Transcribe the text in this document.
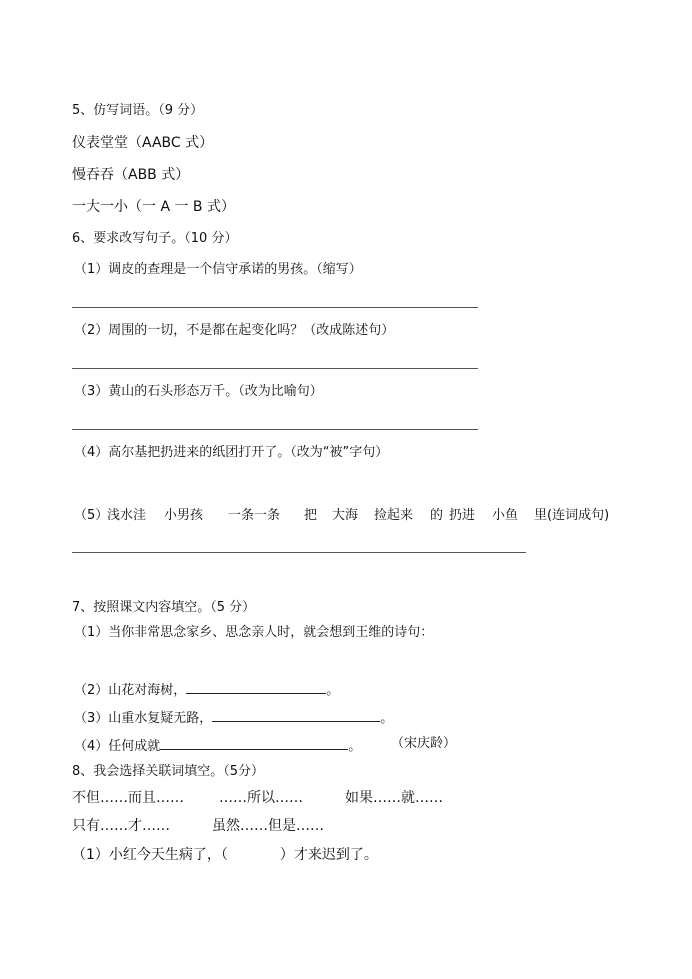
5、仿写词语。（9 分）
仪表堂堂（AABC 式）
慢吞吞（ABB 式）
一大一小（一 A 一 B 式）
6、要求改写句子。（10 分）
（1）调皮的查理是一个信守承诺的男孩。（缩写）
（2）周围的一切，不是都在起变化吗？（改成陈述句）
（3）黄山的石头形态万千。（改为比喻句）
（4）高尔基把扔进来的纸团打开了。（改为“被”字句）
（5）
浅水洼 小男孩 一条一条 把 大海 捡起来 的 扔进 小鱼 里(连词成句)
7、按照课文内容填空。（5 分）
（1）当你非常思念家乡、思念亲人时，就会想到王维的诗句：
（2）山花对海树，	。
（3）山重水复疑无路，	。
（4）任何成就	。 （宋庆龄）
8、我会选择关联词填空。（5分）
不但……而且……	……所以……	如果……就……
只有……才……	虽然……但是……
（1）小红今天生病了，（	）才来迟到了。
